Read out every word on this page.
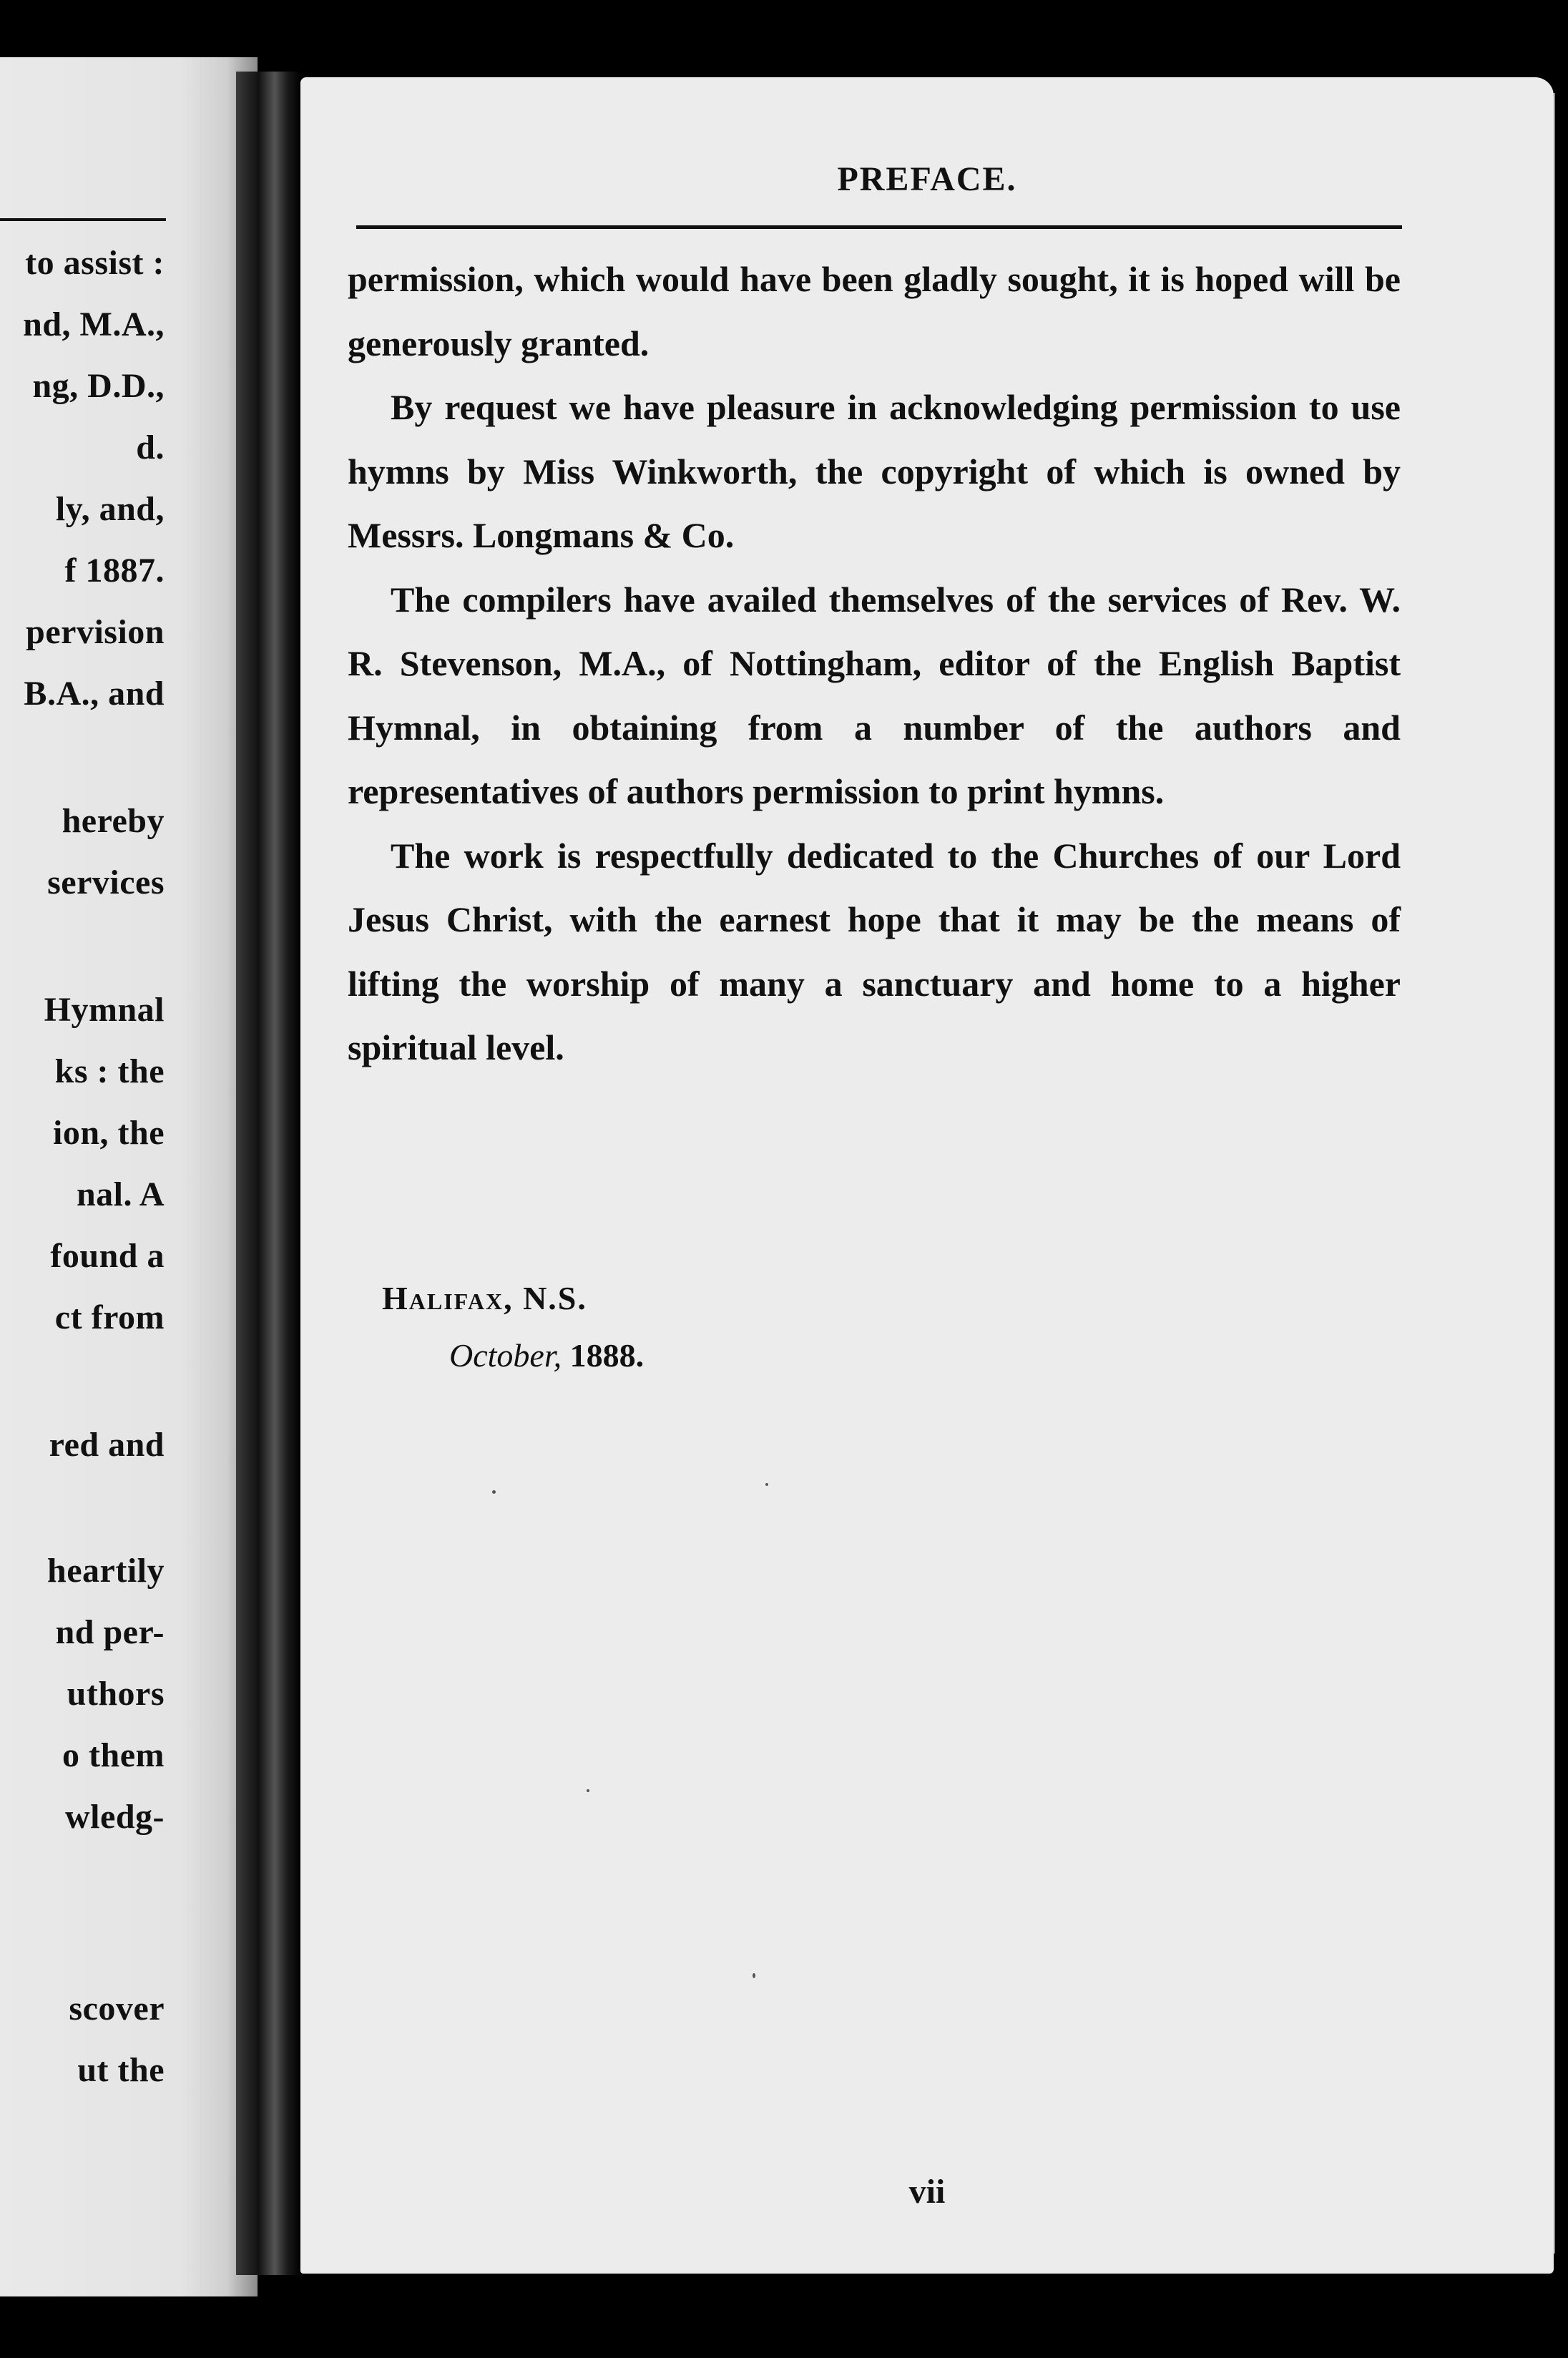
to assist :
nd, M.A.,
ng, D.D.,
d.
ly, and,
f 1887.
pervision
B.A., and
hereby
services
Hymnal
ks : the
ion, the
nal. A
found a
ct from
red and
heartily
nd per-
uthors
o them
wledg-
scover
ut the
PREFACE.

permission, which would have been gladly sought, it is hoped will be generously granted.

By request we have pleasure in acknowledging permission to use hymns by Miss Winkworth, the copyright of which is owned by Messrs. Longmans & Co.

The compilers have availed themselves of the services of Rev. W. R. Stevenson, M.A., of Nottingham, editor of the English Baptist Hymnal, in obtaining from a number of the authors and representatives of authors permission to print hymns.

The work is respectfully dedicated to the Churches of our Lord Jesus Christ, with the earnest hope that it may be the means of lifting the worship of many a sanctuary and home to a higher spiritual level.

Halifax, N.S.
October, 1888.
vii
